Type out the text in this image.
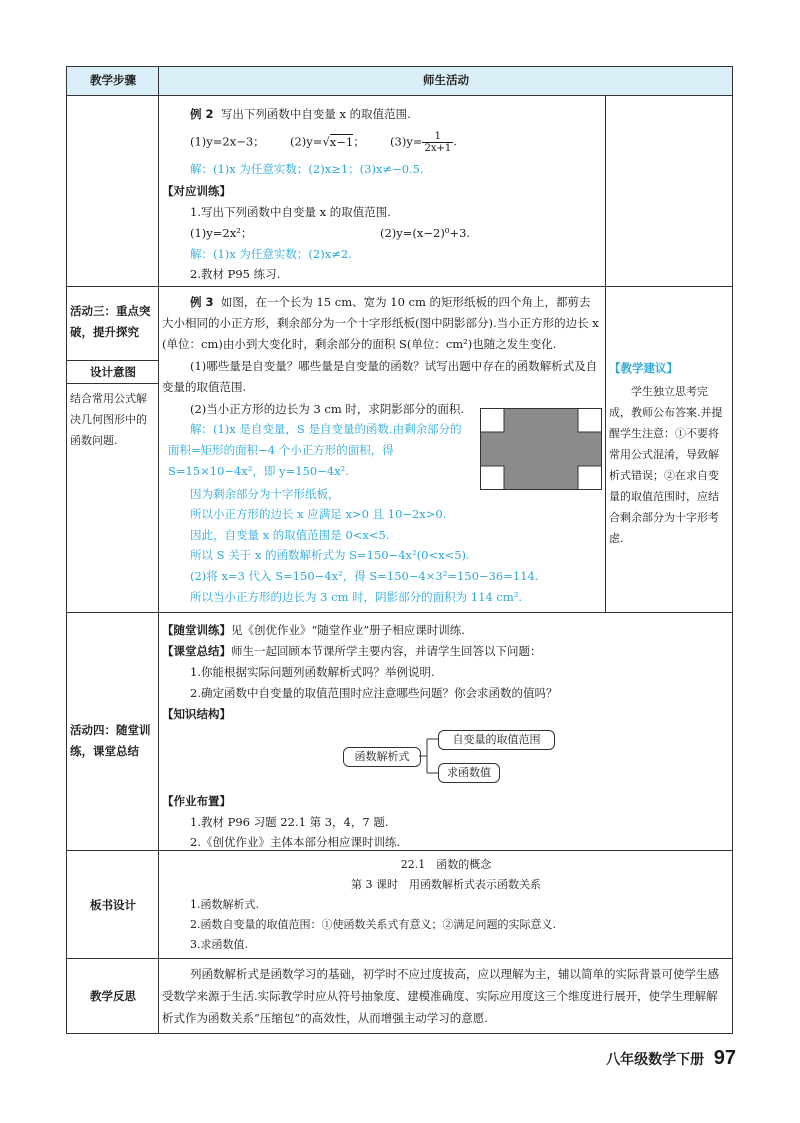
教学步骤	师生活动
例 2 写出下列函数中自变量 x 的取值范围.
(1)y=2x−3； (2)y=√x−1； $(3)y= \frac{1}{2x+1}$ .
解：(1)x 为任意实数；(2)x≥1；(3)x≠−0.5.
【对应训练】
1.写出下列函数中自变量 x 的取值范围.
(1)y=2x²；	(2)y=(x−2)⁰+3.
解：(1)x 为任意实数；(2)x≠2.
2.教材 P95 练习.
活动三：重点突破，提升探究
设计意图
结合常用公式解决几何图形中的函数问题.
例 3 如图，在一个长为 15 cm、宽为 10 cm 的矩形纸板的四个角上，都剪去大小相同的小正方形，剩余部分为一个十字形纸板(图中阴影部分).当小正方形的边长 x (单位：cm)由小到大变化时，剩余部分的面积 S(单位：cm²)也随之发生变化.
(1)哪些量是自变量？哪些量是自变量的函数？试写出题中存在的函数解析式及自变量的取值范围.
(2)当小正方形的边长为 3 cm 时，求阴影部分的面积.
解：(1)x 是自变量，S 是自变量的函数.由剩余部分的面积=矩形的面积−4 个小正方形的面积，得 S=15×10−4x²，即 y=150−4x².
因为剩余部分为十字形纸板，
所以小正方形的边长 x 应满足 x>0 且 10−2x>0.
因此，自变量 x 的取值范围是 0<x<5.
所以 S 关于 x 的函数解析式为 S=150−4x²(0<x<5).
(2)将 x=3 代入 S=150−4x²，得 S=150−4×3²=150−36=114.
所以当小正方形的边长为 3 cm 时，阴影部分的面积为 114 cm².
【教学建议】
学生独立思考完成，教师公布答案.并提醒学生注意：①不要将常用公式混淆，导致解析式错误；②在求自变量的取值范围时，应结合剩余部分为十字形考虑.
活动四：随堂训练，课堂总结
【随堂训练】见《创优作业》“随堂作业”册子相应课时训练.
【课堂总结】师生一起回顾本节课所学主要内容，并请学生回答以下问题：
1.你能根据实际问题列函数解析式吗？举例说明.
2.确定函数中自变量的取值范围时应注意哪些问题？你会求函数的值吗？
【知识结构】
函数解析式
自变量的取值范围
求函数值
【作业布置】
1.教材 P96 习题 22.1 第 3，4，7 题.
2.《创优作业》主体本部分相应课时训练.
板书设计
22.1　函数的概念
第 3 课时　用函数解析式表示函数关系
1.函数解析式.
2.函数自变量的取值范围：①使函数关系式有意义；②满足问题的实际意义.
3.求函数值.
教学反思
列函数解析式是函数学习的基础，初学时不应过度拔高，应以理解为主，辅以简单的实际背景可使学生感受数学来源于生活.实际教学时应从符号抽象度、建模准确度、实际应用度这三个维度进行展开，使学生理解解析式作为函数关系“压缩包”的高效性，从而增强主动学习的意愿.
八年级数学下册 97
